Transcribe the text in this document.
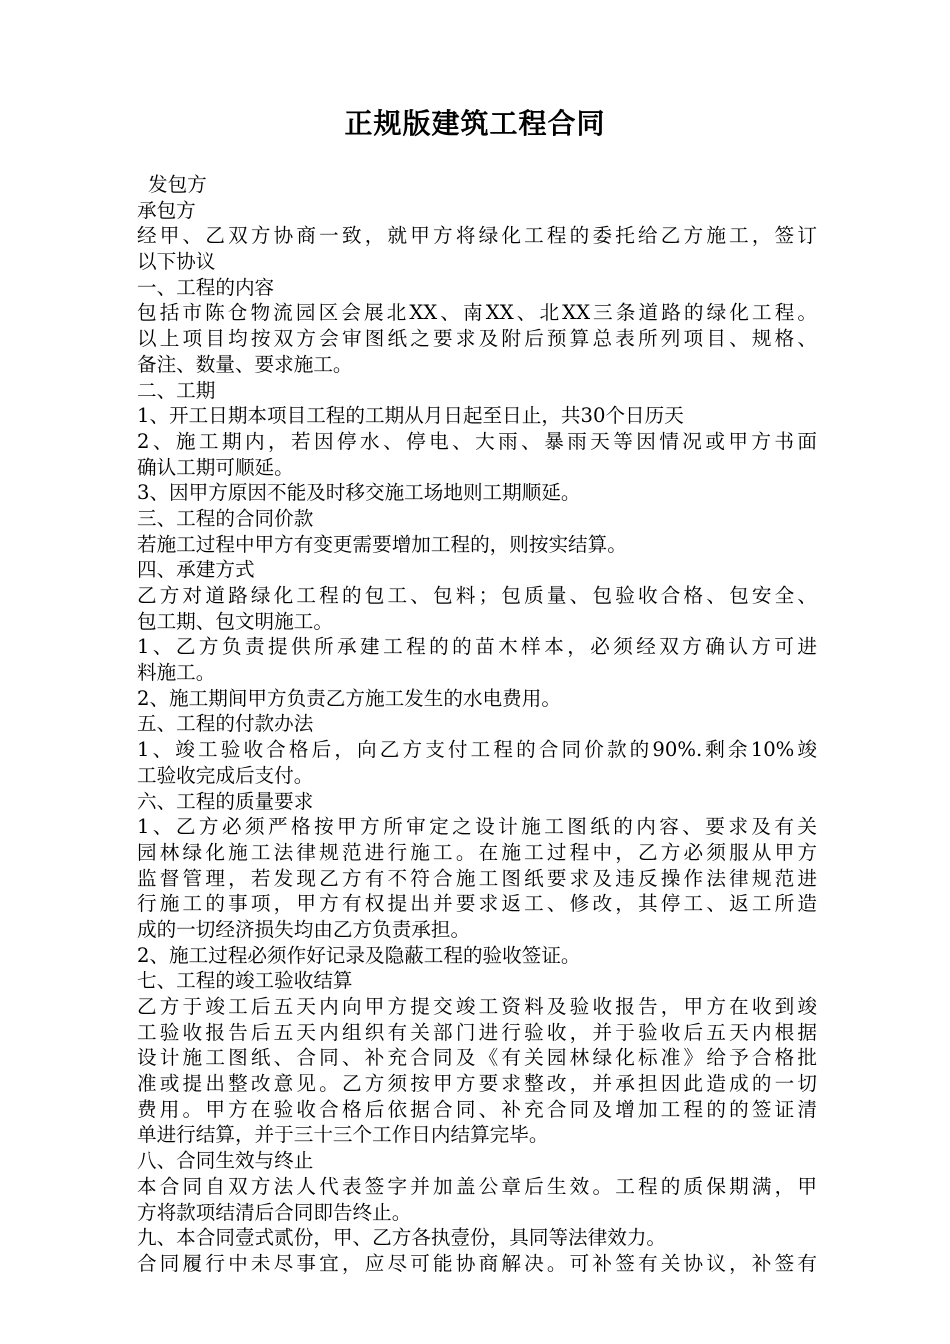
正规版建筑工程合同
发包方
承包方
经甲、乙双方协商一致，就甲方将绿化工程的委托给乙方施工，签订
以下协议
一、工程的内容
包括市陈仓物流园区会展北XX、南XX、北XX三条道路的绿化工程。
以上项目均按双方会审图纸之要求及附后预算总表所列项目、规格、
备注、数量、要求施工。
二、工期
1、开工日期本项目工程的工期从月日起至日止，共30个日历天
2、施工期内，若因停水、停电、大雨、暴雨天等因情况或甲方书面
确认工期可顺延。
3、因甲方原因不能及时移交施工场地则工期顺延。
三、工程的合同价款
若施工过程中甲方有变更需要增加工程的，则按实结算。
四、承建方式
乙方对道路绿化工程的包工、包料；包质量、包验收合格、包安全、
包工期、包文明施工。
1、乙方负责提供所承建工程的的苗木样本，必须经双方确认方可进
料施工。
2、施工期间甲方负责乙方施工发生的水电费用。
五、工程的付款办法
1、竣工验收合格后，向乙方支付工程的合同价款的90%.剩余10%竣
工验收完成后支付。
六、工程的质量要求
1、乙方必须严格按甲方所审定之设计施工图纸的内容、要求及有关
园林绿化施工法律规范进行施工。在施工过程中，乙方必须服从甲方
监督管理，若发现乙方有不符合施工图纸要求及违反操作法律规范进
行施工的事项，甲方有权提出并要求返工、修改，其停工、返工所造
成的一切经济损失均由乙方负责承担。
2、施工过程必须作好记录及隐蔽工程的验收签证。
七、工程的竣工验收结算
乙方于竣工后五天内向甲方提交竣工资料及验收报告，甲方在收到竣
工验收报告后五天内组织有关部门进行验收，并于验收后五天内根据
设计施工图纸、合同、补充合同及《有关园林绿化标准》给予合格批
准或提出整改意见。乙方须按甲方要求整改，并承担因此造成的一切
费用。甲方在验收合格后依据合同、补充合同及增加工程的的签证清
单进行结算，并于三十三个工作日内结算完毕。
八、合同生效与终止
本合同自双方法人代表签字并加盖公章后生效。工程的质保期满，甲
方将款项结清后合同即告终止。
九、本合同壹式贰份，甲、乙方各执壹份，具同等法律效力。
合同履行中未尽事宜，应尽可能协商解决。可补签有关协议，补签有
